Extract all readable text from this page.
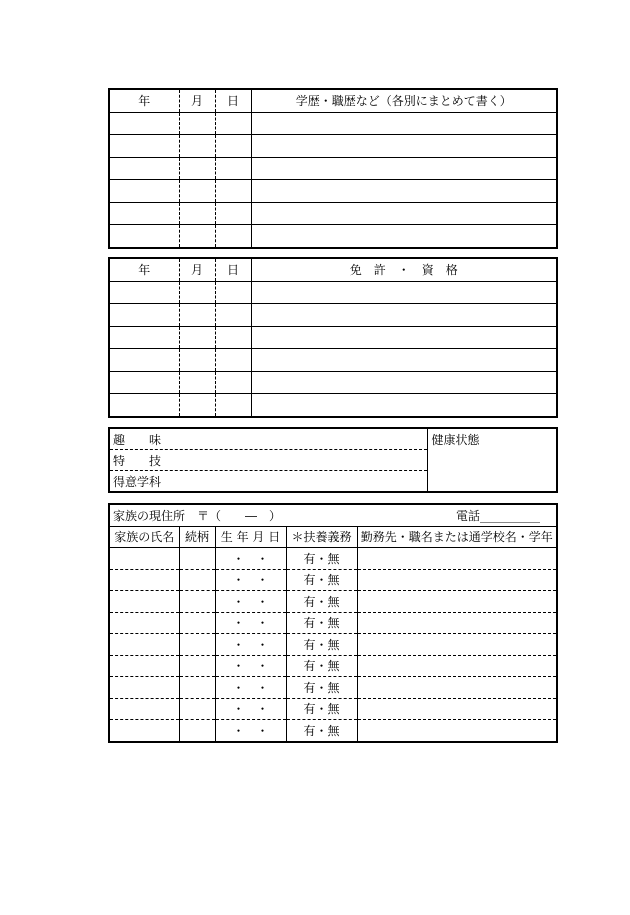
年	月	日	学歴・職歴など（各別にまとめて書く）

年	月	日	免　許　・　資　格

趣　　味	健康状態
特　　技
得意学科
家族の現住所　〒（　　―　） 電話__________				

家族の氏名	続柄	生 年 月 日	＊扶養義務	勤務先・職名または通学校名・学年
		・　・	有・無	
		・　・	有・無	
		・　・	有・無	
		・　・	有・無	
		・　・	有・無	
		・　・	有・無	
		・　・	有・無	
		・　・	有・無	
		・　・	有・無	
